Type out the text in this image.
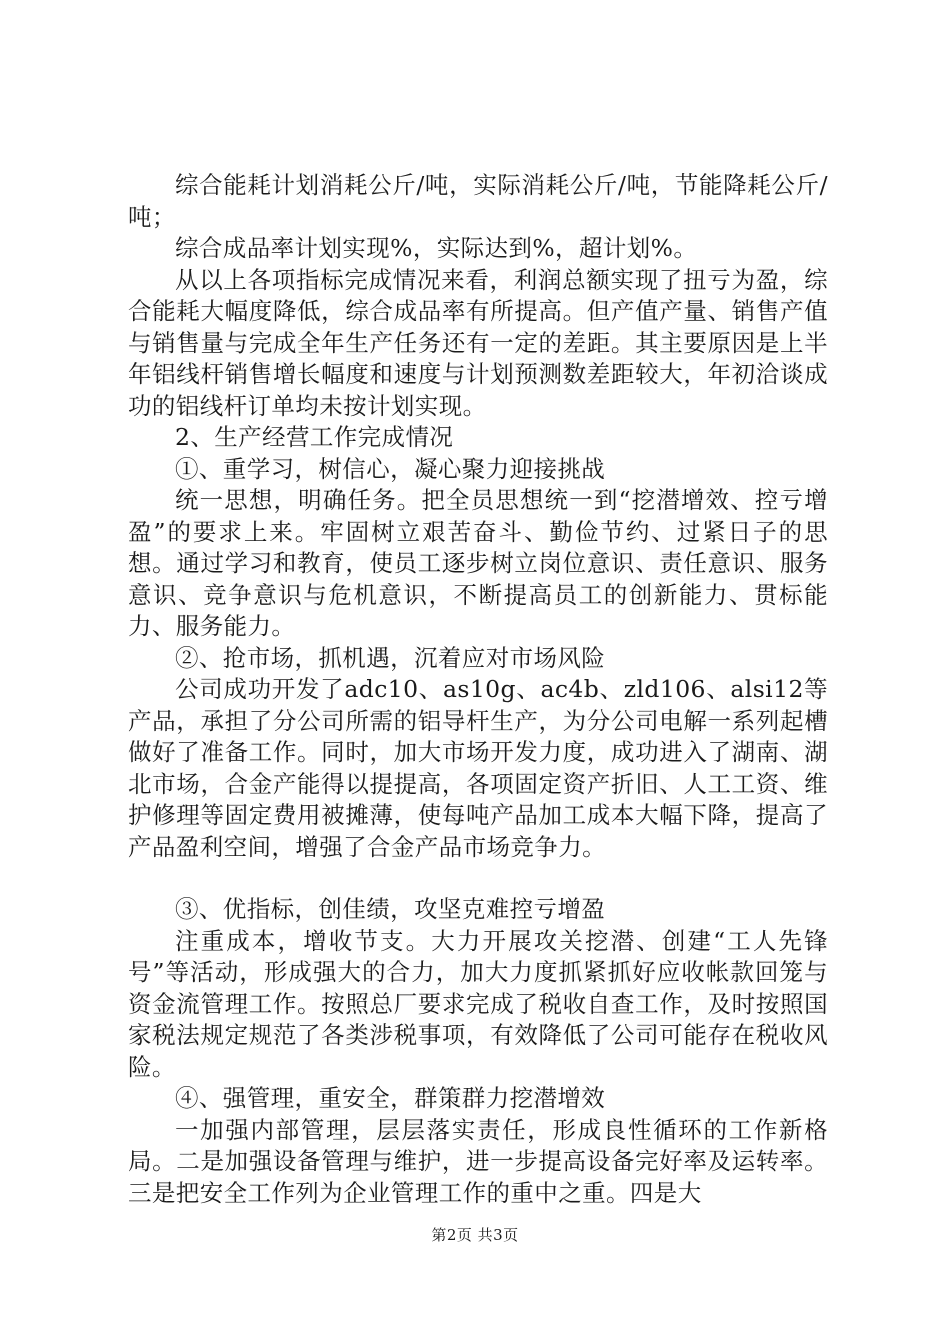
综合能耗计划消耗公斤/吨，实际消耗公斤/吨，节能降耗公斤/吨；

综合成品率计划实现%，实际达到%，超计划%。

从以上各项指标完成情况来看，利润总额实现了扭亏为盈，综合能耗大幅度降低，综合成品率有所提高。但产值产量、销售产值与销售量与完成全年生产任务还有一定的差距。其主要原因是上半年铝线杆销售增长幅度和速度与计划预测数差距较大，年初洽谈成功的铝线杆订单均未按计划实现。

2、生产经营工作完成情况

①、重学习，树信心，凝心聚力迎接挑战

统一思想，明确任务。把全员思想统一到“挖潜增效、控亏增盈”的要求上来。牢固树立艰苦奋斗、勤俭节约、过紧日子的思想。通过学习和教育，使员工逐步树立岗位意识、责任意识、服务意识、竞争意识与危机意识，不断提高员工的创新能力、贯标能力、服务能力。

②、抢市场，抓机遇，沉着应对市场风险

公司成功开发了adc10、as10g、ac4b、zld106、alsi12等产品，承担了分公司所需的铝导杆生产，为分公司电解一系列起槽做好了准备工作。同时，加大市场开发力度，成功进入了湖南、湖北市场，合金产能得以提提高，各项固定资产折旧、人工工资、维护修理等固定费用被摊薄，使每吨产品加工成本大幅下降，提高了产品盈利空间，增强了合金产品市场竞争力。

③、优指标，创佳绩，攻坚克难控亏增盈

注重成本，增收节支。大力开展攻关挖潜、创建“工人先锋号”等活动，形成强大的合力，加大力度抓紧抓好应收帐款回笼与资金流管理工作。按照总厂要求完成了税收自查工作，及时按照国家税法规定规范了各类涉税事项，有效降低了公司可能存在税收风险。

④、强管理，重安全，群策群力挖潜增效

一加强内部管理，层层落实责任，形成良性循环的工作新格局。二是加强设备管理与维护，进一步提高设备完好率及运转率。三是把安全工作列为企业管理工作的重中之重。四是大

第2页 共3页
